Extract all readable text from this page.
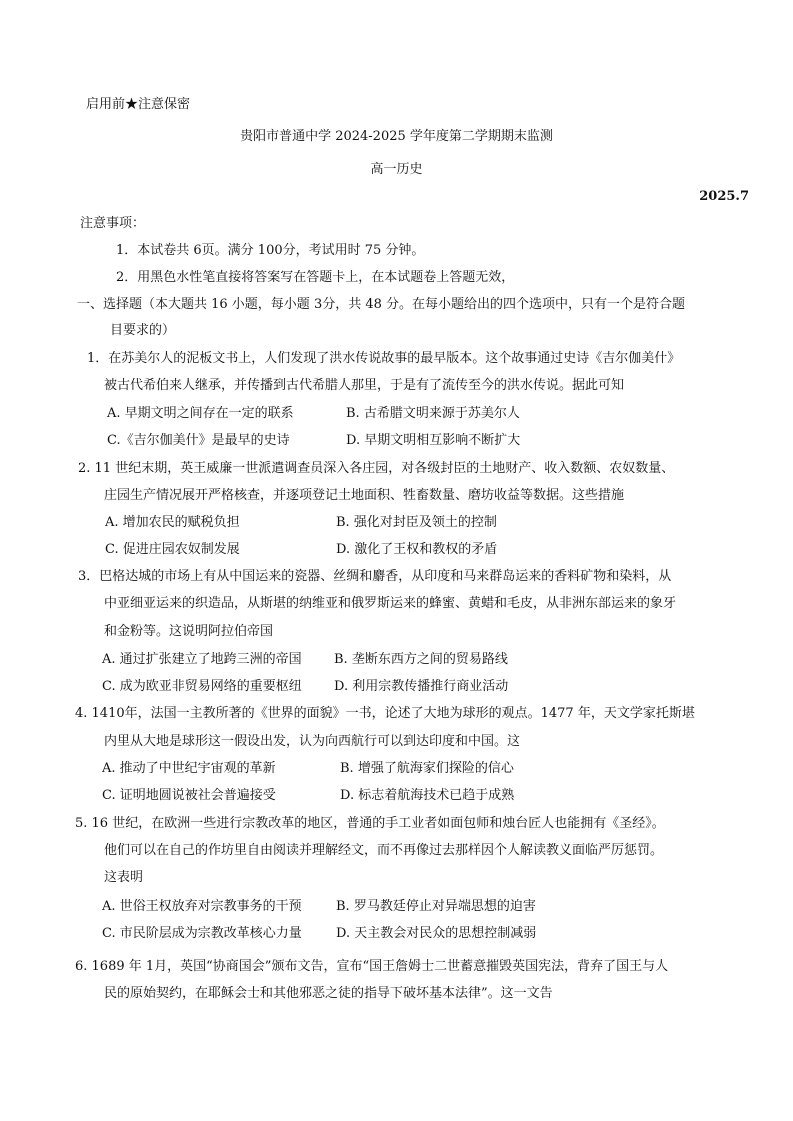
启用前★注意保密
贵阳市普通中学 2024-2025 学年度第二学期期末监测
高一历史
2025.7
注意事项：
1．本试卷共 6页。满分 100分，考试用时 75 分钟。
2．用黑色水性笔直接将答案写在答题卡上，在本试题卷上答题无效，
一、选择题（本大题共 16 小题，每小题 3分，共 48 分。在每小题给出的四个选项中，只有一个是符合题
目要求的）
1．在苏美尔人的泥板文书上，人们发现了洪水传说故事的最早版本。这个故事通过史诗《吉尔伽美什》
被古代希伯来人继承，并传播到古代希腊人那里，于是有了流传至今的洪水传说。据此可知
A. 早期文明之间存在一定的联系	B. 古希腊文明来源于苏美尔人
C.《吉尔伽美什》是最早的史诗	D. 早期文明相互影响不断扩大
2. 11 世纪末期，英王威廉一世派遣调查员深入各庄园，对各级封臣的土地财产、收入数额、农奴数量、
庄园生产情况展开严格核查，并逐项登记土地面积、牲畜数量、磨坊收益等数据。这些措施
A. 增加农民的赋税负担	B. 强化对封臣及领土的控制
C. 促进庄园农奴制发展	D. 激化了王权和教权的矛盾
3．巴格达城的市场上有从中国运来的瓷器、丝绸和麝香，从印度和马来群岛运来的香料矿物和染料，从
中亚细亚运来的织造品，从斯堪的纳维亚和俄罗斯运来的蜂蜜、黄蜡和毛皮，从非洲东部运来的象牙
和金粉等。这说明阿拉伯帝国
A. 通过扩张建立了地跨三洲的帝国 B. 垄断东西方之间的贸易路线
C. 成为欧亚非贸易网络的重要枢纽 D. 利用宗教传播推行商业活动
4. 1410年，法国一主教所著的《世界的面貌》一书，论述了大地为球形的观点。1477 年，天文学家托斯堪
内里从大地是球形这一假设出发，认为向西航行可以到达印度和中国。这
A. 推动了中世纪宇宙观的革新	B. 增强了航海家们探险的信心
C. 证明地圆说被社会普遍接受	D. 标志着航海技术已趋于成熟
5. 16 世纪，在欧洲一些进行宗教改革的地区，普通的手工业者如面包师和烛台匠人也能拥有《圣经》。
他们可以在自己的作坊里自由阅读并理解经文，而不再像过去那样因个人解读教义面临严厉惩罚。
这表明
A. 世俗王权放弃对宗教事务的干预	B. 罗马教廷停止对异端思想的迫害
C. 市民阶层成为宗教改革核心力量	D. 天主教会对民众的思想控制减弱
6. 1689 年 1月，英国“协商国会”颁布文告，宣布“国王詹姆士二世蓄意摧毁英国宪法，背弃了国王与人
民的原始契约，在耶稣会士和其他邪恶之徒的指导下破坏基本法律”。这一文告
